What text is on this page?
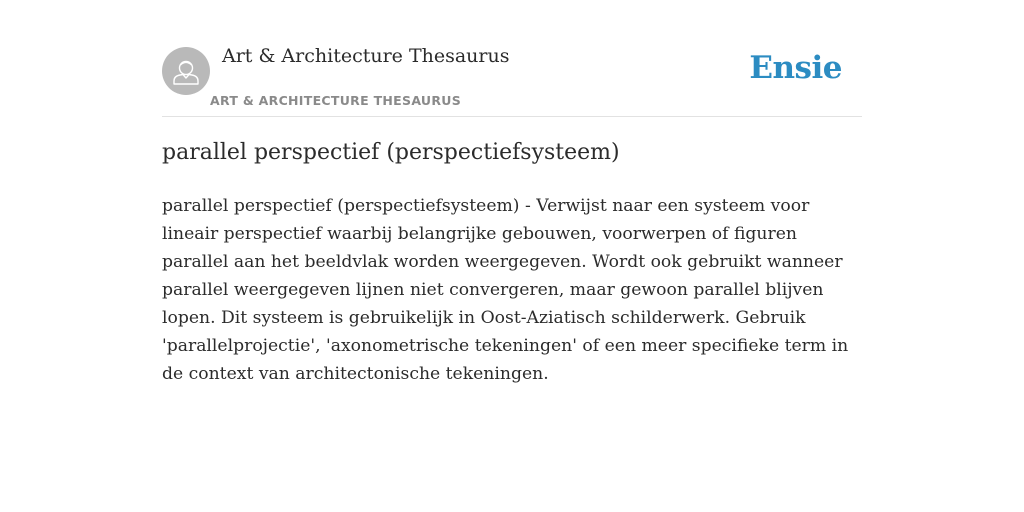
Art & Architecture Thesaurus
ART & ARCHITECTURE THESAURUS
Ensie
parallel perspectief (perspectiefsysteem)
parallel perspectief (perspectiefsysteem) - Verwijst naar een systeem voor lineair perspectief waarbij belangrijke gebouwen, voorwerpen of figuren parallel aan het beeldvlak worden weergegeven. Wordt ook gebruikt wanneer parallel weergegeven lijnen niet convergeren, maar gewoon parallel blijven lopen. Dit systeem is gebruikelijk in Oost-Aziatisch schilderwerk. Gebruik 'parallelprojectie', 'axonometrische tekeningen' of een meer specifieke term in de context van architectonische tekeningen.
